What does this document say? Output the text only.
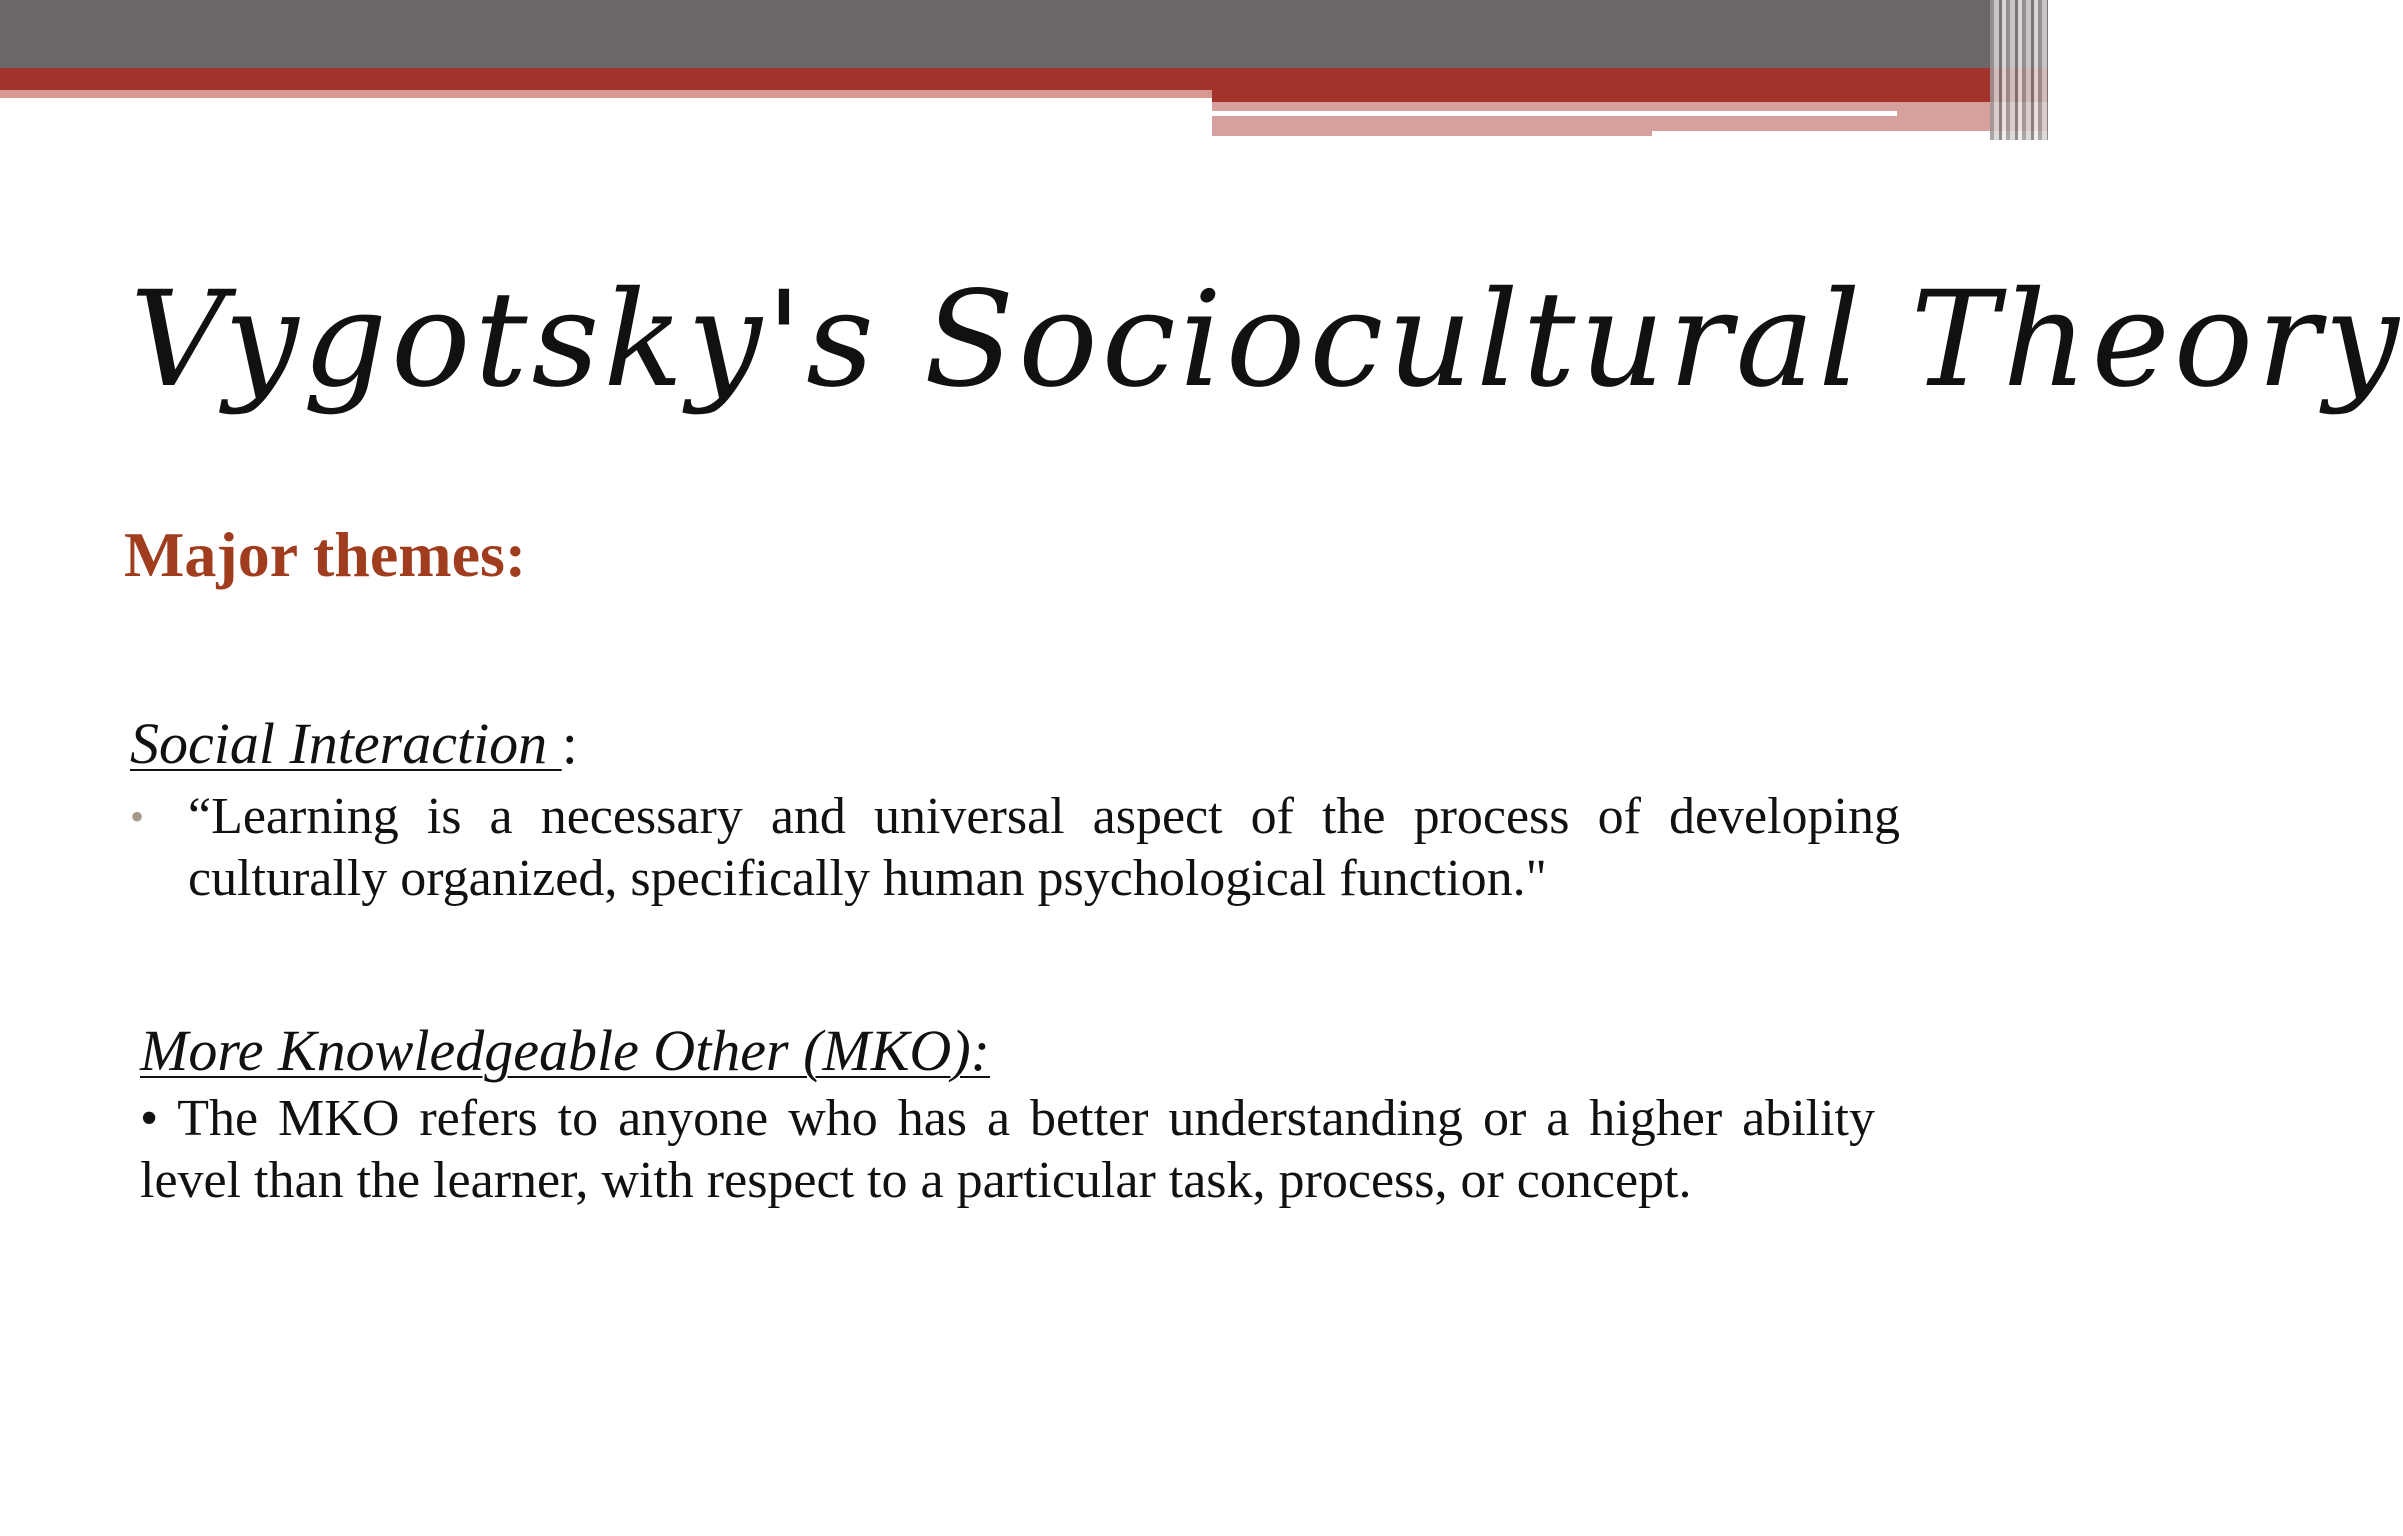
Vygotsky's Sociocultural Theory
Major themes:
Social Interaction :
• “Learning is a necessary and universal aspect of the process of developing culturally organized, specifically human psychological function."
More Knowledgeable Other (MKO):
• The MKO refers to anyone who has a better understanding or a higher ability level than the learner, with respect to a particular task, process, or concept.
